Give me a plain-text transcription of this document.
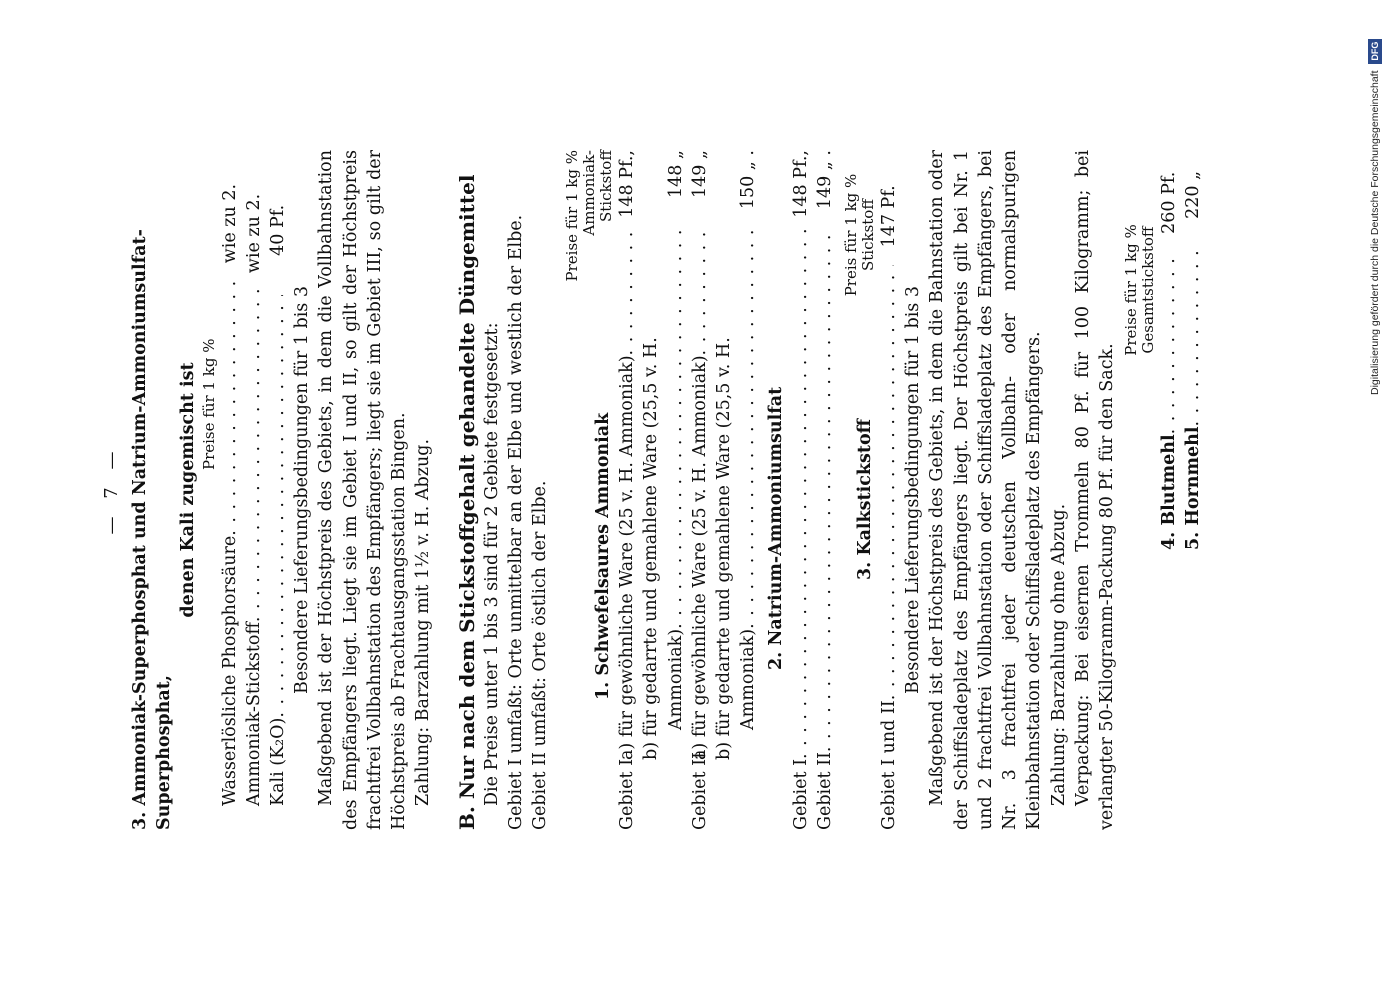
— 7 — 3. Ammoniak-Superphosphat und Natrium-Ammoniumsulfat-Superphosphat,
denen Kali zugemischt ist Preise für 1 kg %
Wasserlösliche Phosphorsäure
. . .
wie zu 2.
Ammoniak-Stickstoff
. . .
wie zu 2.
Kali (K₂O)
. . .
40 Pf.
Besondere Lieferungsbedingungen für 1 bis 3 Maßgebend ist der Höchstpreis des Gebiets, in dem die Vollbahnstation des Empfängers liegt. Liegt sie im Gebiet I und II, so gilt der Höchstpreis frachtfrei Vollbahnstation des Empfängers; liegt sie im Gebiet III, so gilt der Höchstpreis ab Frachtausgangsstation Bingen. Zahlung: Barzahlung mit 1½ v. H. Abzug. B. Nur nach dem Stickstoffgehalt gehandelte Düngemittel Die Preise unter 1 bis 3 sind für 2 Gebiete festgesetzt: Gebiet I umfaßt: Orte unmittelbar an der Elbe und westlich der Elbe. Gebiet II umfaßt: Orte östlich der Elbe. 1. Schwefelsaures Ammoniak
Preise für 1 kg % Ammoniak-Stickstoff
Gebiet I
a) für gewöhnliche Ware (25 v. H. Ammoniak)
. . .
148 Pf.,
b) für gedarrte und gemahlene Ware (25,5 v. H. Ammoniak)
. . .
148 „
Gebiet II
a) für gewöhnliche Ware (25 v. H. Ammoniak)
. . .
149 „
b) für gedarrte und gemahlene Ware (25,5 v. H. Ammoniak)
. . .
150 „ .
2. Natrium-Ammoniumsulfat
Gebiet I
. . .
148 Pf.,
Gebiet II
. . .
149 „ .
3. Kalkstickstoff
Preis für 1 kg % Stickstoff
Gebiet I und II
. . .
147 Pf.
Besondere Lieferungsbedingungen für 1 bis 3 Maßgebend ist der Höchstpreis des Gebiets, in dem die Bahnstation oder der Schiffsladeplatz des Empfängers liegt. Der Höchstpreis gilt bei Nr. 1 und 2 frachtfrei Vollbahnstation oder Schiffsladeplatz des Empfängers, bei Nr. 3 frachtfrei jeder deutschen Vollbahn- oder normalspurigen Kleinbahnstation oder Schiffsladeplatz des Empfängers. Zahlung: Barzahlung ohne Abzug. Verpackung: Bei eisernen Trommeln 80 Pf. für 100 Kilogramm; bei verlangter 50-Kilogramm-Packung 80 Pf. für den Sack.
Preise für 1 kg % Gesamtstickstoff
4. Blutmehl
. . .
260 Pf.
5. Hornmehl
. . .
220 „	Digitalisierung gefördert durch die Deutsche Forschungsgemeinschaft DFG
